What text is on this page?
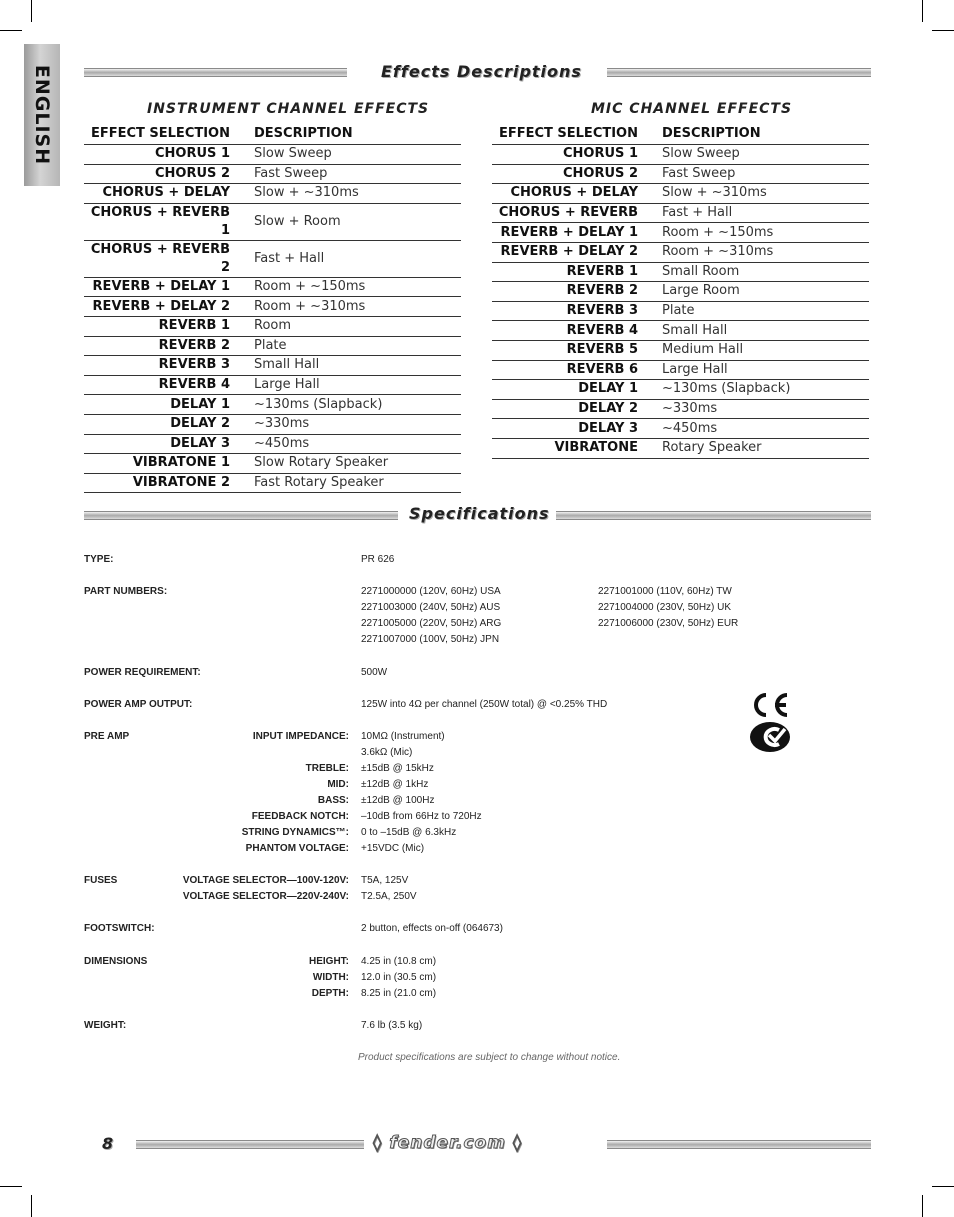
ENGLISH	Effects Descriptions
INSTRUMENT CHANNEL EFFECTS
EFFECT SELECTION	DESCRIPTION
CHORUS 1	Slow Sweep
CHORUS 2	Fast Sweep
CHORUS + DELAY	Slow + ~310ms
CHORUS + REVERB 1	Slow + Room
CHORUS + REVERB 2	Fast + Hall
REVERB + DELAY 1	Room + ~150ms
REVERB + DELAY 2	Room + ~310ms
REVERB 1	Room
REVERB 2	Plate
REVERB 3	Small Hall
REVERB 4	Large Hall
DELAY 1	~130ms (Slapback)
DELAY 2	~330ms
DELAY 3	~450ms
VIBRATONE 1	Slow Rotary Speaker
VIBRATONE 2	Fast Rotary Speaker
MIC CHANNEL EFFECTS
EFFECT SELECTION	DESCRIPTION
CHORUS 1	Slow Sweep
CHORUS 2	Fast Sweep
CHORUS + DELAY	Slow + ~310ms
CHORUS + REVERB	Fast + Hall
REVERB + DELAY 1	Room + ~150ms
REVERB + DELAY 2	Room + ~310ms
REVERB 1	Small Room
REVERB 2	Large Room
REVERB 3	Plate
REVERB 4	Small Hall
REVERB 5	Medium Hall
REVERB 6	Large Hall
DELAY 1	~130ms (Slapback)
DELAY 2	~330ms
DELAY 3	~450ms
VIBRATONE	Rotary Speaker
Specifications
TYPE:	PR 626
PART NUMBERS:	2271000000 (120V, 60Hz) USA
2271003000 (240V, 50Hz) AUS
2271005000 (220V, 50Hz) ARG
2271007000 (100V, 50Hz) JPN
2271001000 (110V, 60Hz) TW
2271004000 (230V, 50Hz) UK
2271006000 (230V, 50Hz) EUR
POWER REQUIREMENT:	500W
POWER AMP OUTPUT:	125W into 4Ω per channel (250W total) @ <0.25% THD
PRE AMP	INPUT IMPEDANCE: 10MΩ (Instrument)
3.6kΩ (Mic)
TREBLE: ±15dB @ 15kHz
MID: ±12dB @ 1kHz
BASS: ±12dB @ 100Hz
FEEDBACK NOTCH: –10dB from 66Hz to 720Hz
STRING DYNAMICS™: 0 to –15dB @ 6.3kHz
PHANTOM VOLTAGE: +15VDC (Mic)
FUSES	VOLTAGE SELECTOR—100V-120V: T5A, 125V
VOLTAGE SELECTOR—220V-240V: T2.5A, 250V
FOOTSWITCH:	2 button, effects on-off (064673)
DIMENSIONS	HEIGHT: 4.25 in (10.8 cm)
WIDTH: 12.0 in (30.5 cm)
DEPTH: 8.25 in (21.0 cm)
WEIGHT:	7.6 lb (3.5 kg)
Product specifications are subject to change without notice.
8	◊ fender.com ◊
